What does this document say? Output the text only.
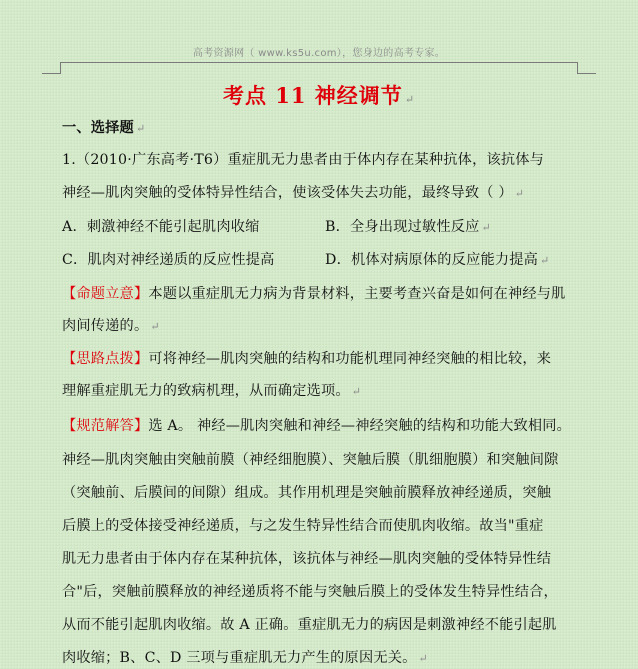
高考资源网（ www.ks5u.com），您身边的高考专家。
考点 11 神经调节 ↵
一、选择题 ↵
1.（2010·广东高考·T6）重症肌无力患者由于体内存在某种抗体，该抗体与
神经—肌肉突触的受体特异性结合，使该受体失去功能，最终导致（ ） ↵
A．刺激神经不能引起肌肉收缩	B．全身出现过敏性反应 ↵
C．肌肉对神经递质的反应性提高	D．机体对病原体的反应能力提高 ↵
【命题立意】本题以重症肌无力病为背景材料，主要考查兴奋是如何在神经与肌
肉间传递的。 ↵
【思路点拨】可将神经—肌肉突触的结构和功能机理同神经突触的相比较，来
理解重症肌无力的致病机理，从而确定选项。 ↵
【规范解答】选 A。 神经—肌肉突触和神经—神经突触的结构和功能大致相同。
神经—肌肉突触由突触前膜（神经细胞膜）、突触后膜（肌细胞膜）和突触间隙
（突触前、后膜间的间隙）组成。其作用机理是突触前膜释放神经递质，突触
后膜上的受体接受神经递质，与之发生特异性结合而使肌肉收缩。故当"重症
肌无力患者由于体内存在某种抗体，该抗体与神经—肌肉突触的受体特异性结
合"后，突触前膜释放的神经递质将不能与突触后膜上的受体发生特异性结合，
从而不能引起肌肉收缩。故 A 正确。重症肌无力的病因是刺激神经不能引起肌
肉收缩；B、C、D 三项与重症肌无力产生的原因无关。 ↵
